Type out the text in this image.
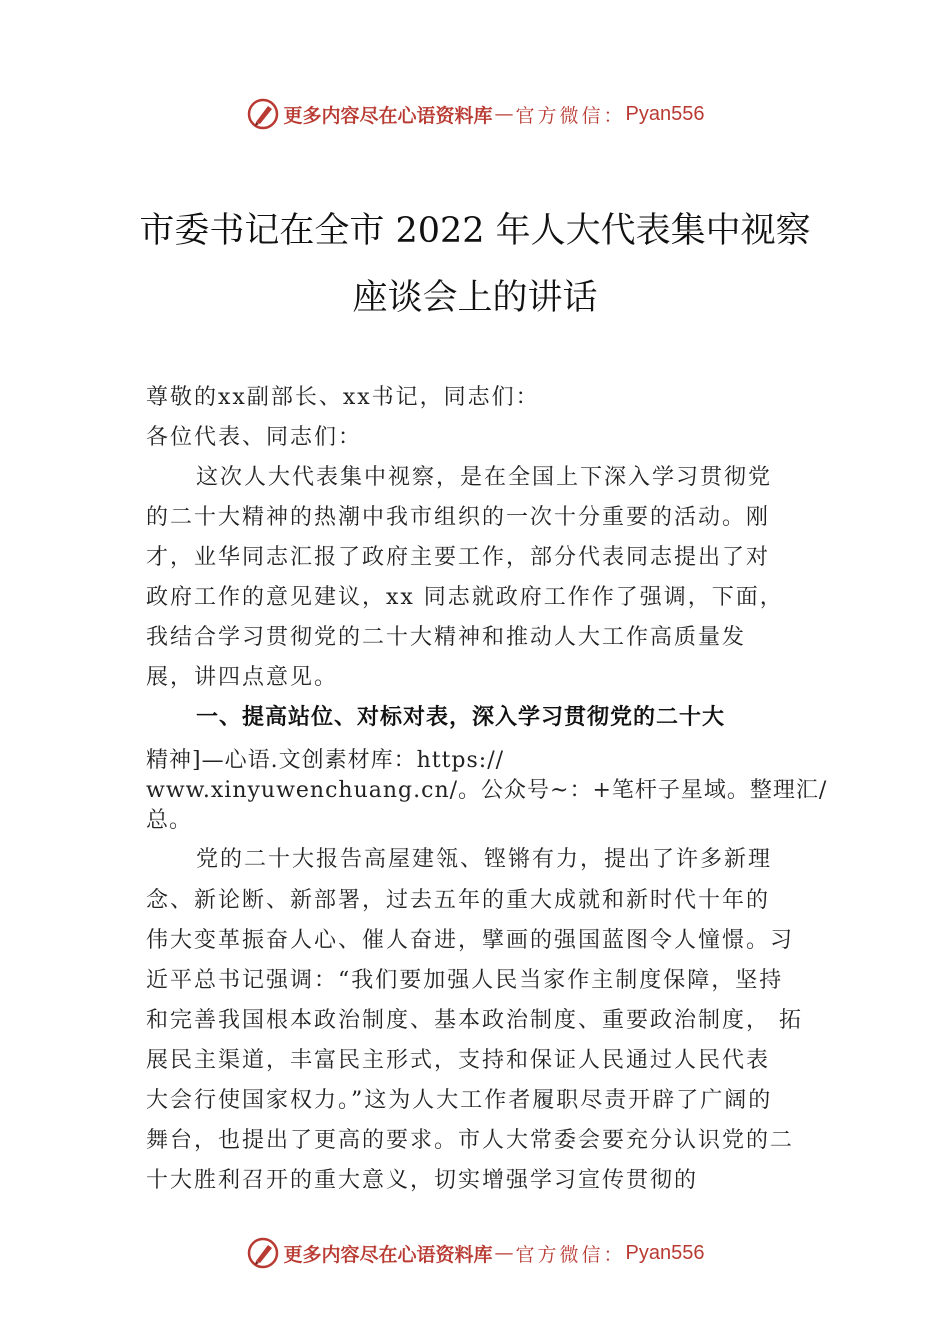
更多内容尽在心语资料库 — 官方微信： Pyan556
市委书记在全市 2022 年人大代表集中视察
座谈会上的讲话
尊敬的xx副部长、xx书记，同志们：
各位代表、同志们：
这次人大代表集中视察，是在全国上下深入学习贯彻党
的二十大精神的热潮中我市组织的一次十分重要的活动。刚
才，业华同志汇报了政府主要工作，部分代表同志提出了对
政府工作的意见建议，xx 同志就政府工作作了强调，下面，
我结合学习贯彻党的二十大精神和推动人大工作高质量发
展，讲四点意见。
一、提高站位、对标对表，深入学习贯彻党的二十大
精神]—心语.文创素材库：https://
www.xinyuwenchuang.cn/。公众号~：+笔杆子星域。整理汇/
总。
党的二十大报告高屋建瓴、铿锵有力，提出了许多新理
念、新论断、新部署，过去五年的重大成就和新时代十年的
伟大变革振奋人心、催人奋进，擘画的强国蓝图令人憧憬。习
近平总书记强调：“我们要加强人民当家作主制度保障，坚持
和完善我国根本政治制度、基本政治制度、重要政治制度， 拓
展民主渠道，丰富民主形式，支持和保证人民通过人民代表
大会行使国家权力。”这为人大工作者履职尽责开辟了广阔的
舞台，也提出了更高的要求。市人大常委会要充分认识党的二
十大胜利召开的重大意义，切实增强学习宣传贯彻的
更多内容尽在心语资料库 — 官方微信： Pyan556
